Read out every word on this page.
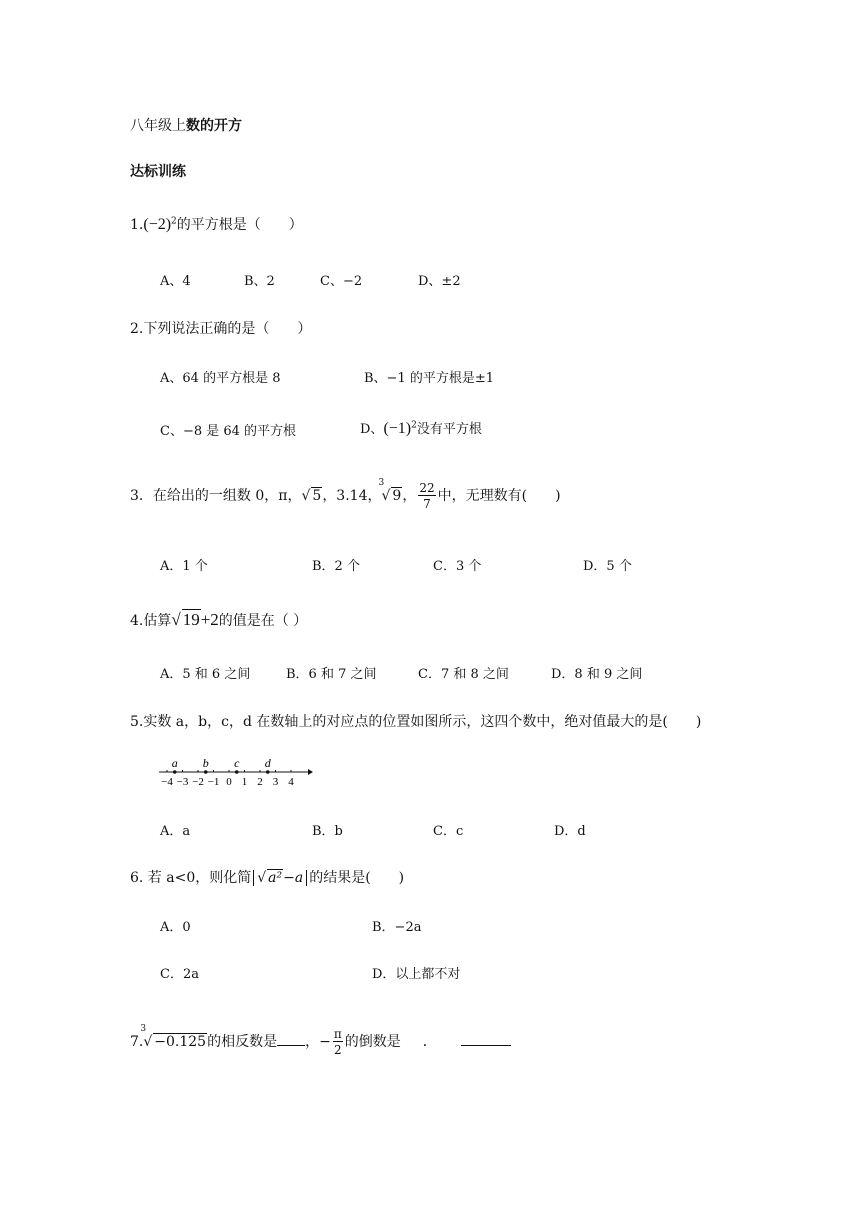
八年级上数的开方
达标训练
$1.(-2)^2$的平方根是（　　）
A、4	B、2	C、−2	D、±2
2.下列说法正确的是（　　）
A、64 的平方根是 8	B、−1 的平方根是±1
C、−8 是 64 的平方根	D、$(-1)^2$没有平方根
3．在给出的一组数 0，π，√ 5，3.14，
3
√ 9， $\frac{22}{7}$ 中，无理数有(　　)
A．1 个	B．2 个	C．3 个	D．5 个
4.估算√ 19+2的值是在（ ）
A．5 和 6 之间	B．6 和 7 之间	C．7 和 8 之间	D．8 和 9 之间
5.实数 a，b，c，d 在数轴上的对应点的位置如图所示，这四个数中，绝对值最大的是(　　)
−4 −3 −2 −1 0 1 2 3 4
a b c d
A．a	B．b	C．c	D．d
6. 若 a<0，则化简 √ a²−a 的结果是(　　)
A．0	B．−2a
C．2a	D．以上都不对
7.
3
√ −0.125的相反数是 ，− $\frac{\pi}{2}$ 的倒数是 ．
